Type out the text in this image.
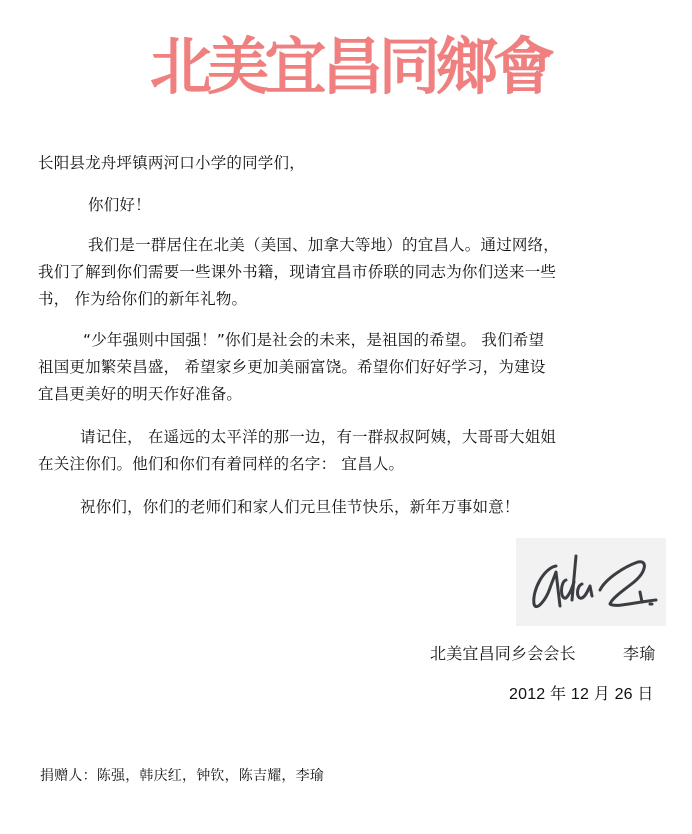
北美宜昌同鄉會
长阳县龙舟坪镇两河口小学的同学们，
你们好！
我们是一群居住在北美（美国、加拿大等地）的宜昌人。通过网络，
我们了解到你们需要一些课外书籍，现请宜昌市侨联的同志为你们送来一些
书， 作为给你们的新年礼物。
“少年强则中国强！”你们是社会的未来，是祖国的希望。 我们希望
祖国更加繁荣昌盛， 希望家乡更加美丽富饶。希望你们好好学习，为建设
宜昌更美好的明天作好准备。
请记住， 在遥远的太平洋的那一边，有一群叔叔阿姨，大哥哥大姐姐
在关注你们。他们和你们有着同样的名字： 宜昌人。
祝你们，你们的老师们和家人们元旦佳节快乐，新年万事如意！
北美宜昌同乡会会长	李瑜
2012 年 12 月 26 日
捐赠人：陈强，韩庆红，钟钦，陈吉耀，李瑜
